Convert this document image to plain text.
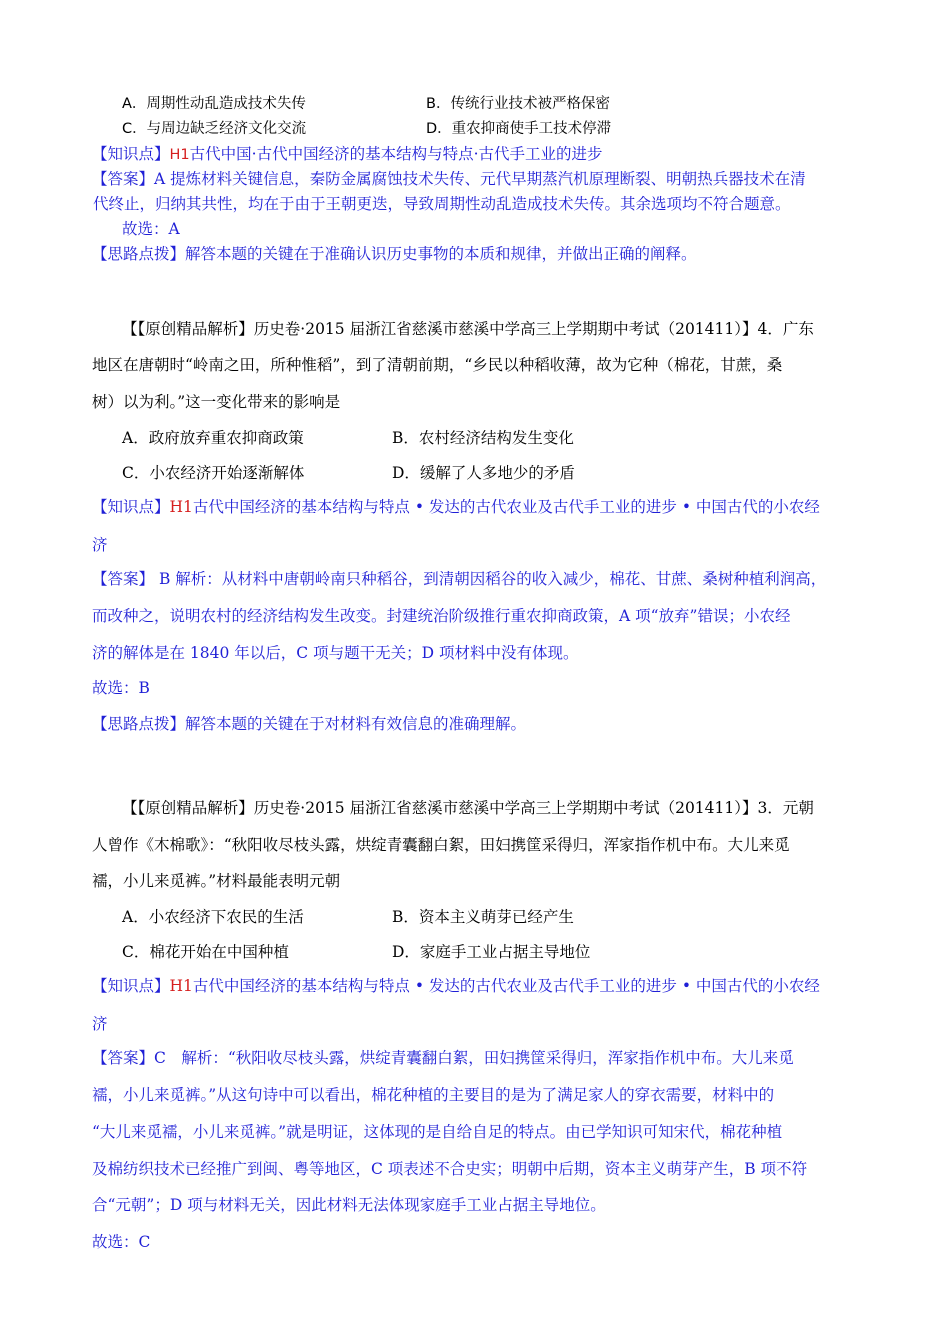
A．周期性动乱造成技术失传	B．传统行业技术被严格保密
C．与周边缺乏经济文化交流	D．重农抑商使手工技术停滞
【知识点】H1古代中国·古代中国经济的基本结构与特点·古代手工业的进步
【答案】A 提炼材料关键信息，秦防金属腐蚀技术失传、元代早期蒸汽机原理断裂、明朝热兵器技术在清
代终止，归纳其共性，均在于由于王朝更迭，导致周期性动乱造成技术失传。其余选项均不符合题意。
故选：A
【思路点拨】解答本题的关键在于准确认识历史事物的本质和规律，并做出正确的阐释。
【【原创精品解析】历史卷·2015 届浙江省慈溪市慈溪中学高三上学期期中考试（201411）】4．广东
地区在唐朝时“岭南之田，所种惟稻”，到了清朝前期，“乡民以种稻收薄，故为它种（棉花，甘蔗，桑
树）以为利。”这一变化带来的影响是
A．政府放弃重农抑商政策	B．农村经济结构发生变化
C．小农经济开始逐渐解体	D．缓解了人多地少的矛盾
【知识点】H1古代中国经济的基本结构与特点 • 发达的古代农业及古代手工业的进步 • 中国古代的小农经
济
【答案】 B 解析：从材料中唐朝岭南只种稻谷，到清朝因稻谷的收入减少，棉花、甘蔗、桑树种植利润高，
而改种之，说明农村的经济结构发生改变。封建统治阶级推行重农抑商政策，A 项“放弃”错误；小农经
济的解体是在 1840 年以后，C 项与题干无关；D 项材料中没有体现。
故选：B
【思路点拨】解答本题的关键在于对材料有效信息的准确理解。
【【原创精品解析】历史卷·2015 届浙江省慈溪市慈溪中学高三上学期期中考试（201411）】3．元朝
人曾作《木棉歌》：“秋阳收尽枝头露，烘绽青囊翻白絮，田妇携筐采得归，浑家指作机中布。大儿来觅
襦，小儿来觅裤。”材料最能表明元朝
A．小农经济下农民的生活	B．资本主义萌芽已经产生
C．棉花开始在中国种植	D．家庭手工业占据主导地位
【知识点】H1古代中国经济的基本结构与特点 • 发达的古代农业及古代手工业的进步 • 中国古代的小农经
济
【答案】C　解析：“秋阳收尽枝头露，烘绽青囊翻白絮，田妇携筐采得归，浑家指作机中布。大儿来觅
襦，小儿来觅裤。”从这句诗中可以看出，棉花种植的主要目的是为了满足家人的穿衣需要，材料中的
“大儿来觅襦，小儿来觅裤。”就是明证，这体现的是自给自足的特点。由已学知识可知宋代，棉花种植
及棉纺织技术已经推广到闽、粤等地区，C 项表述不合史实；明朝中后期，资本主义萌芽产生，B 项不符
合“元朝”；D 项与材料无关，因此材料无法体现家庭手工业占据主导地位。
故选：C
